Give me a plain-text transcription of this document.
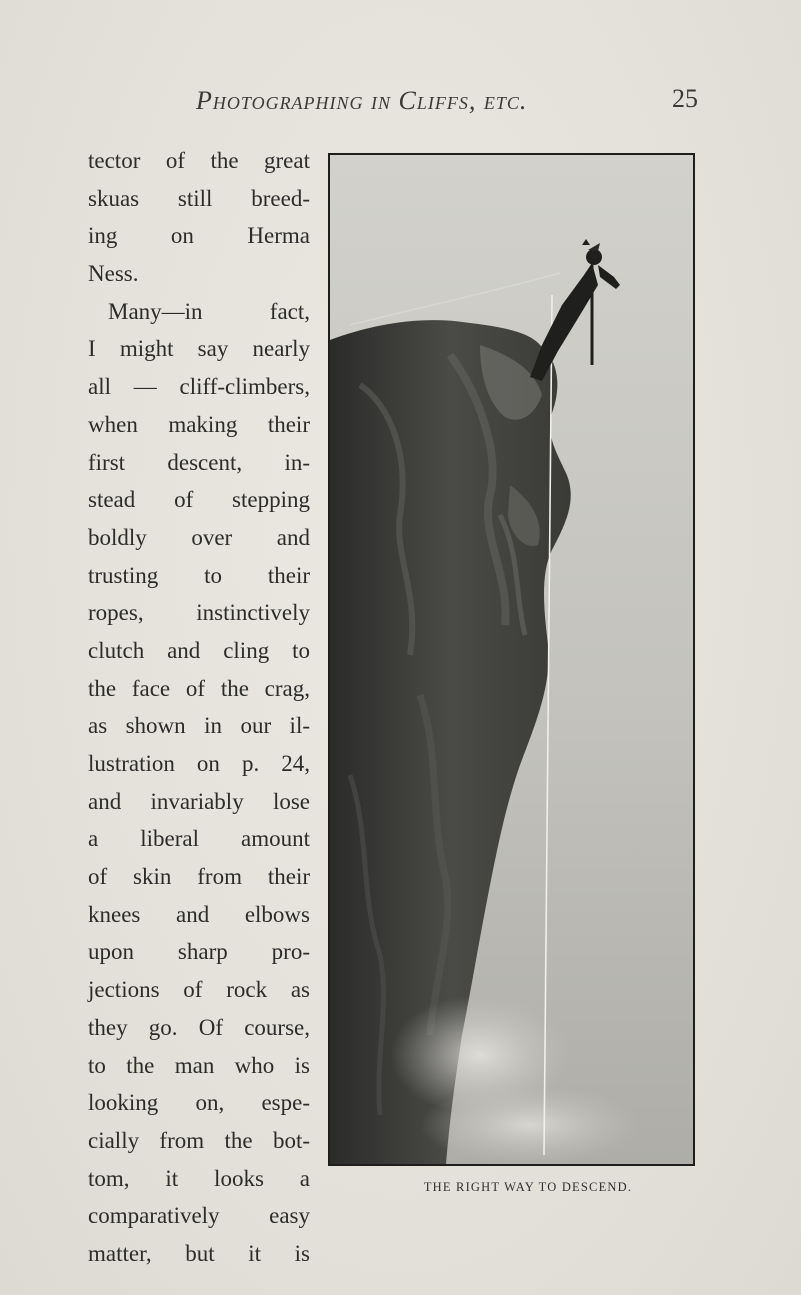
Photographing in Cliffs, etc.	25
tector of the great
skuas still breed-
ing on Herma
Ness.
Many—in fact,
I might say nearly
all — cliff-climbers,
when making their
first descent, in-
stead of stepping
boldly over and
trusting to their
ropes, instinctively
clutch and cling to
the face of the crag,
as shown in our il-
lustration on p. 24,
and invariably lose
a liberal amount
of skin from their
knees and elbows
upon sharp pro-
jections of rock as
they go. Of course,
to the man who is
looking on, espe-
cially from the bot-
tom, it looks a
comparatively easy
matter, but it is
THE RIGHT WAY TO DESCEND.
